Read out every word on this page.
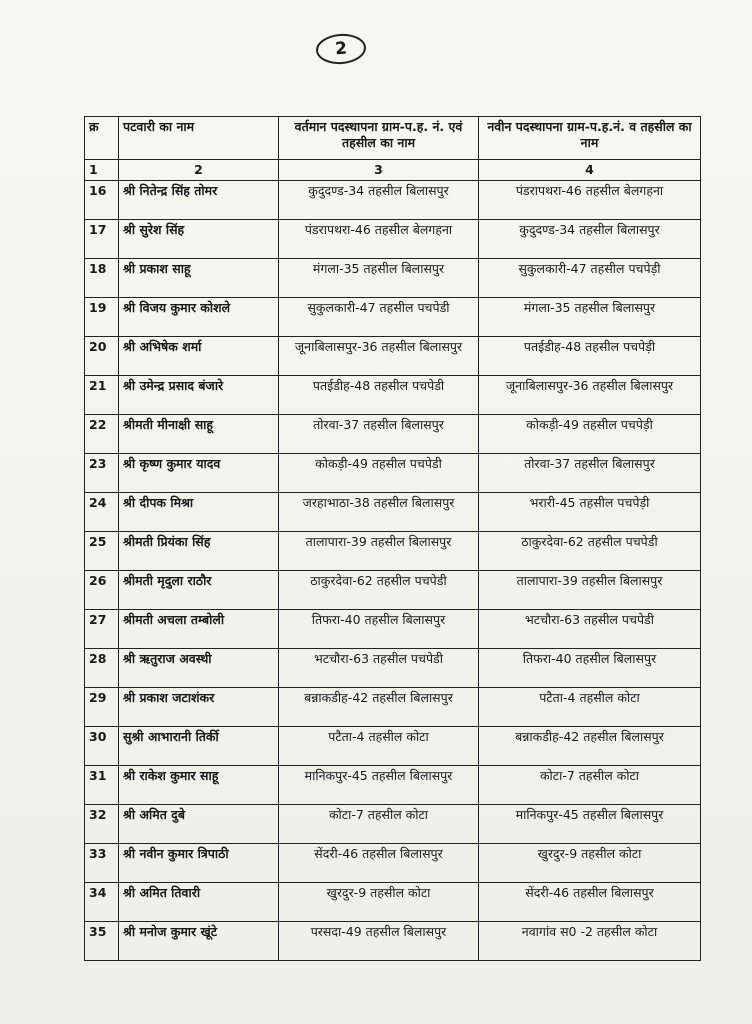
2
क्र	पटवारी का नाम	वर्तमान पदस्थापना ग्राम-प.ह. नं. एवं तहसील का नाम	नवीन पदस्थापना ग्राम-प.ह.नं. व तहसील का नाम
1	2	3	4
16	श्री नितेन्द्र सिंह तोमर	कुदुदण्ड-34 तहसील बिलासपुर	पंडरापथरा-46 तहसील बेलगहना
17	श्री सुरेश सिंह	पंडरापथरा-46 तहसील बेलगहना	कुदुदण्ड-34 तहसील बिलासपुर
18	श्री प्रकाश साहू	मंगला-35 तहसील बिलासपुर	सुकुलकारी-47 तहसील पचपेड़ी
19	श्री विजय कुमार कोशले	सुकुलकारी-47 तहसील पचपेडी	मंगला-35 तहसील बिलासपुर
20	श्री अभिषेक शर्मा	जूनाबिलासपुर-36 तहसील बिलासपुर	पतईडीह-48 तहसील पचपेड़ी
21	श्री उमेन्द्र प्रसाद बंजारे	पतईडीह-48 तहसील पचपेडी	जूनाबिलासपुर-36 तहसील बिलासपुर
22	श्रीमती मीनाक्षी साहू	तोरवा-37 तहसील बिलासपुर	कोकड़ी-49 तहसील पचपेड़ी
23	श्री कृष्ण कुमार यादव	कोकड़ी-49 तहसील पचपेडी	तोरवा-37 तहसील बिलासपुर
24	श्री दीपक मिश्रा	जरहाभाठा-38 तहसील बिलासपुर	भरारी-45 तहसील पचपेड़ी
25	श्रीमती प्रियंका सिंह	तालापारा-39 तहसील बिलासपुर	ठाकुरदेवा-62 तहसील पचपेडी
26	श्रीमती मृदुला राठौर	ठाकुरदेवा-62 तहसील पचपेडी	तालापारा-39 तहसील बिलासपुर
27	श्रीमती अचला तम्बोली	तिफरा-40 तहसील बिलासपुर	भटचौरा-63 तहसील पचपेडी
28	श्री ऋतुराज अवस्थी	भटचौरा-63 तहसील पचपेडी	तिफरा-40 तहसील बिलासपुर
29	श्री प्रकाश जटाशंकर	बन्नाकडीह-42 तहसील बिलासपुर	पटैता-4 तहसील कोटा
30	सुश्री आभारानी तिर्की	पटैता-4 तहसील कोटा	बन्नाकडीह-42 तहसील बिलासपुर
31	श्री राकेश कुमार साहू	मानिकपुर-45 तहसील बिलासपुर	कोटा-7 तहसील कोटा
32	श्री अमित दुबे	कोटा-7 तहसील कोटा	मानिकपुर-45 तहसील बिलासपुर
33	श्री नवीन कुमार त्रिपाठी	सेंदरी-46 तहसील बिलासपुर	खुरदुर-9 तहसील कोटा
34	श्री अमित तिवारी	खुरदुर-9 तहसील कोटा	सेंदरी-46 तहसील बिलासपुर
35	श्री मनोज कुमार खूंटे	परसदा-49 तहसील बिलासपुर	नवागांव स0 -2 तहसील कोटा
